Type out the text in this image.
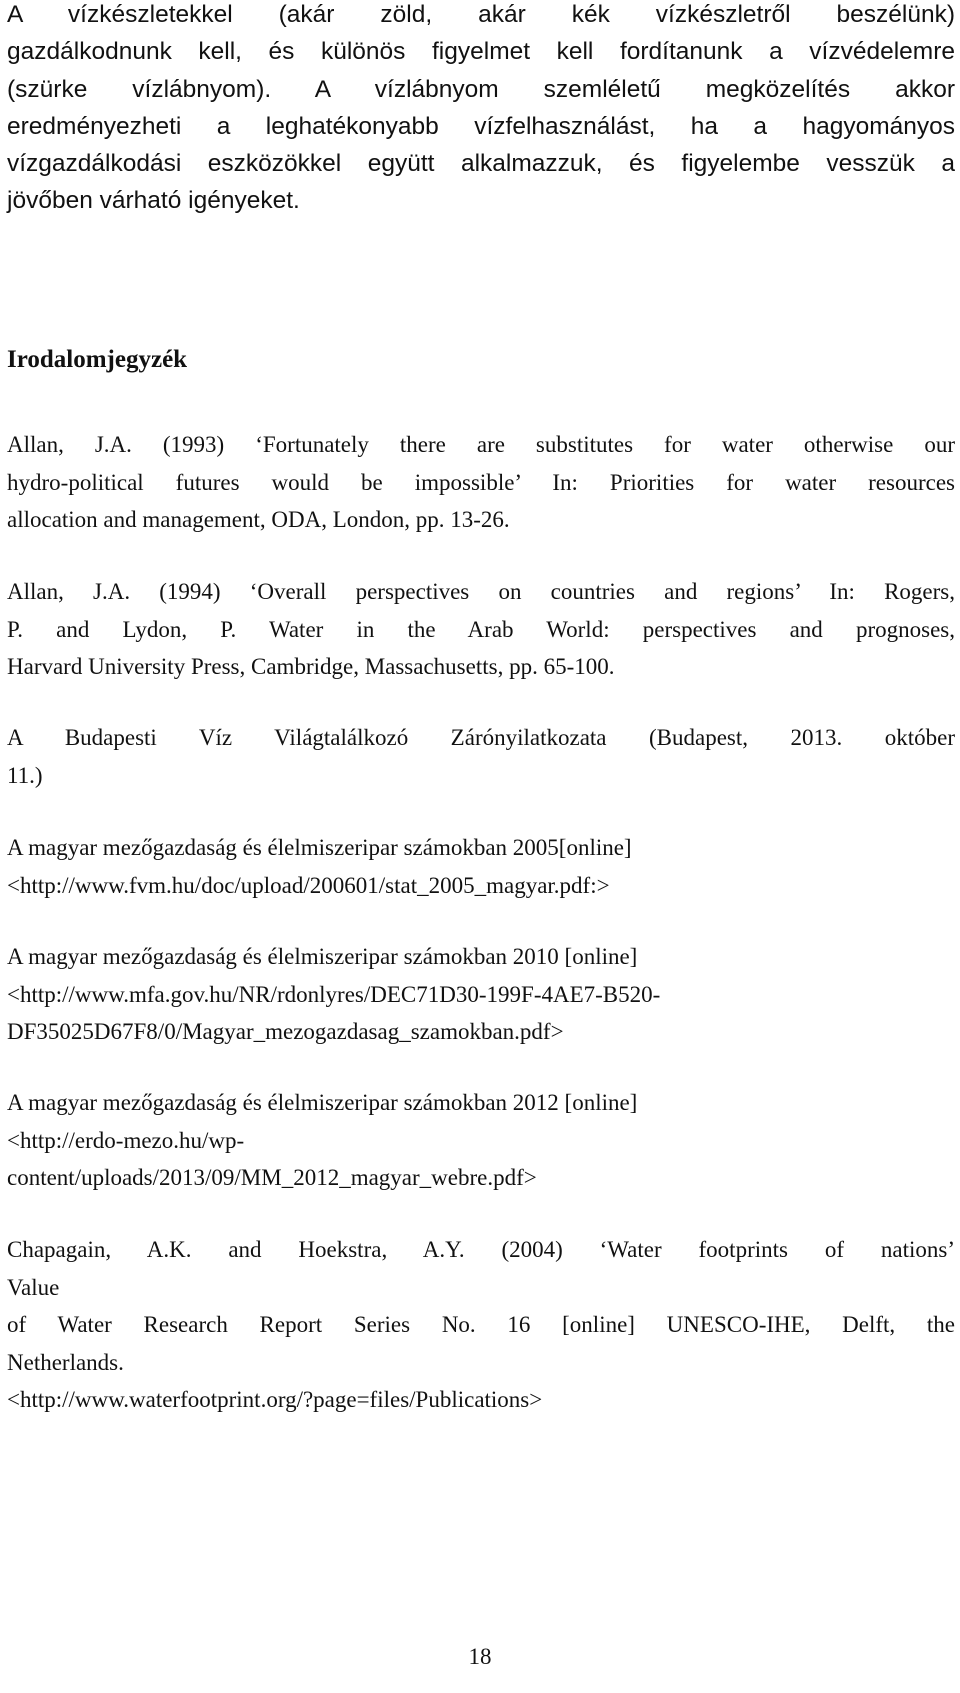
A vízkészletekkel (akár zöld, akár kék vízkészletről beszélünk)
gazdálkodnunk kell, és különös figyelmet kell fordítanunk a vízvédelemre
(szürke vízlábnyom). A vízlábnyom szemléletű megközelítés akkor
eredményezheti a leghatékonyabb vízfelhasználást, ha a hagyományos
vízgazdálkodási eszközökkel együtt alkalmazzuk, és figyelembe vesszük a
jövőben várható igényeket.
Irodalomjegyzék
Allan, J.A. (1993) ‘Fortunately there are substitutes for water otherwise our
hydro-political futures would be impossible’ In: Priorities for water resources
allocation and management, ODA, London, pp. 13-26.
Allan, J.A. (1994) ‘Overall perspectives on countries and regions’ In: Rogers,
P. and Lydon, P. Water in the Arab World: perspectives and prognoses,
Harvard University Press, Cambridge, Massachusetts, pp. 65-100.
A Budapesti Víz Világtalálkozó Zárónyilatkozata (Budapest, 2013. október
11.)
A magyar mezőgazdaság és élelmiszeripar számokban 2005[online]
<http://www.fvm.hu/doc/upload/200601/stat_2005_magyar.pdf:>
A magyar mezőgazdaság és élelmiszeripar számokban 2010 [online]
<http://www.mfa.gov.hu/NR/rdonlyres/DEC71D30-199F-4AE7-B520-
DF35025D67F8/0/Magyar_mezogazdasag_szamokban.pdf>
A magyar mezőgazdaság és élelmiszeripar számokban 2012 [online]
<http://erdo-mezo.hu/wp-
content/uploads/2013/09/MM_2012_magyar_webre.pdf>
Chapagain, A.K. and Hoekstra, A.Y. (2004) ‘Water footprints of nations’
Value
of Water Research Report Series No. 16 [online] UNESCO-IHE, Delft, the
Netherlands.
<http://www.waterfootprint.org/?page=files/Publications>
18
